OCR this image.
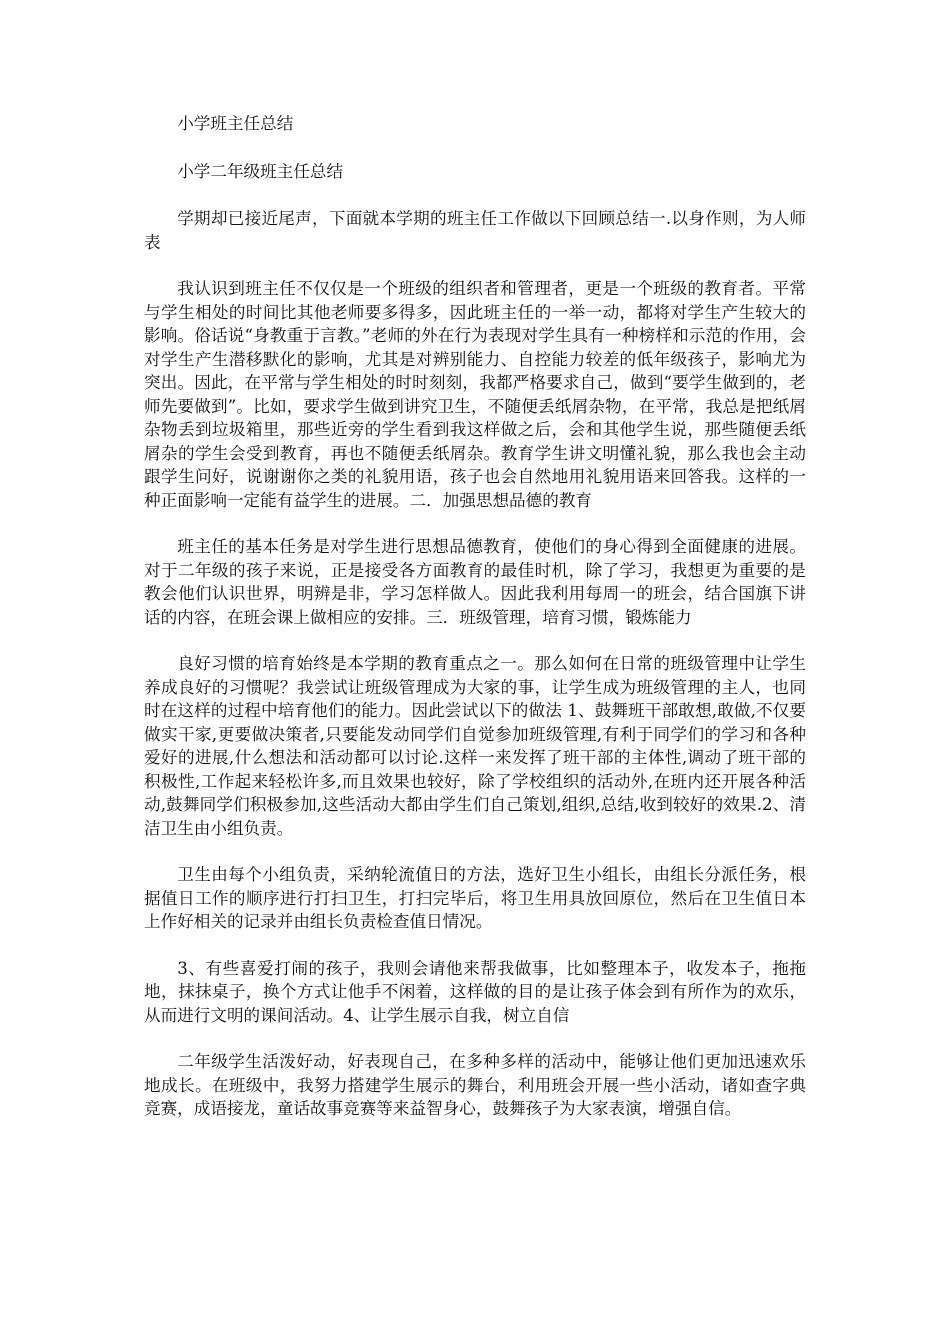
小学班主任总结

小学二年级班主任总结

学期却已接近尾声，下面就本学期的班主任工作做以下回顾总结一.以身作则，为人师表

我认识到班主任不仅仅是一个班级的组织者和管理者，更是一个班级的教育者。平常与学生相处的时间比其他老师要多得多，因此班主任的一举一动，都将对学生产生较大的影响。俗话说“身教重于言教。”老师的外在行为表现对学生具有一种榜样和示范的作用，会对学生产生潜移默化的影响，尤其是对辨别能力、自控能力较差的低年级孩子，影响尤为突出。因此，在平常与学生相处的时时刻刻，我都严格要求自己，做到“要学生做到的，老师先要做到”。比如，要求学生做到讲究卫生，不随便丢纸屑杂物，在平常，我总是把纸屑杂物丢到垃圾箱里，那些近旁的学生看到我这样做之后，会和其他学生说，那些随便丢纸屑杂的学生会受到教育，再也不随便丢纸屑杂。教育学生讲文明懂礼貌，那么我也会主动跟学生问好，说谢谢你之类的礼貌用语，孩子也会自然地用礼貌用语来回答我。这样的一种正面影响一定能有益学生的进展。二．加强思想品德的教育

班主任的基本任务是对学生进行思想品德教育，使他们的身心得到全面健康的进展。对于二年级的孩子来说，正是接受各方面教育的最佳时机，除了学习，我想更为重要的是教会他们认识世界，明辨是非，学习怎样做人。因此我利用每周一的班会，结合国旗下讲话的内容，在班会课上做相应的安排。三．班级管理，培育习惯，锻炼能力

良好习惯的培育始终是本学期的教育重点之一。那么如何在日常的班级管理中让学生养成良好的习惯呢？我尝试让班级管理成为大家的事，让学生成为班级管理的主人，也同时在这样的过程中培育他们的能力。因此尝试以下的做法 1、鼓舞班干部敢想,敢做,不仅要做实干家,更要做决策者,只要能发动同学们自觉参加班级管理,有利于同学们的学习和各种爱好的进展,什么想法和活动都可以讨论.这样一来发挥了班干部的主体性,调动了班干部的积极性,工作起来轻松许多,而且效果也较好，除了学校组织的活动外,在班内还开展各种活动,鼓舞同学们积极参加,这些活动大都由学生们自己策划,组织,总结,收到较好的效果.2、清洁卫生由小组负责。

卫生由每个小组负责，采纳轮流值日的方法，选好卫生小组长，由组长分派任务，根据值日工作的顺序进行打扫卫生，打扫完毕后，将卫生用具放回原位，然后在卫生值日本上作好相关的记录并由组长负责检查值日情况。

3、有些喜爱打闹的孩子，我则会请他来帮我做事，比如整理本子，收发本子，拖拖地，抹抹桌子，换个方式让他手不闲着，这样做的目的是让孩子体会到有所作为的欢乐，从而进行文明的课间活动。4、让学生展示自我，树立自信

二年级学生活泼好动，好表现自己，在多种多样的活动中，能够让他们更加迅速欢乐地成长。在班级中，我努力搭建学生展示的舞台，利用班会开展一些小活动，诸如查字典竞赛，成语接龙，童话故事竞赛等来益智身心，鼓舞孩子为大家表演，增强自信。
